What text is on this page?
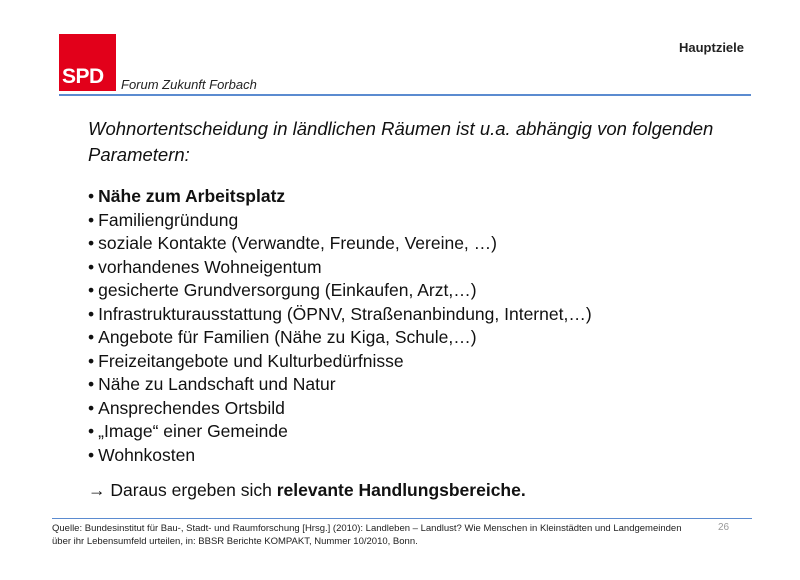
SPD Forum Zukunft Forbach
Hauptziele
Wohnortentscheidung in ländlichen Räumen ist u.a. abhängig von folgenden Parametern:
• Nähe zum Arbeitsplatz
• Familiengründung
• soziale Kontakte (Verwandte, Freunde, Vereine, …)
• vorhandenes Wohneigentum
• gesicherte Grundversorgung (Einkaufen, Arzt,…)
• Infrastrukturausstattung (ÖPNV, Straßenanbindung, Internet,…)
• Angebote für Familien (Nähe zu Kiga, Schule,…)
• Freizeitangebote und Kulturbedürfnisse
• Nähe zu Landschaft und Natur
• Ansprechendes Ortsbild
• „Image“ einer Gemeinde
• Wohnkosten
→ Daraus ergeben sich relevante Handlungsbereiche.
Quelle: Bundesinstitut für Bau-, Stadt- und Raumforschung [Hrsg.] (2010): Landleben – Landlust? Wie Menschen in Kleinstädten und Landgemeinden über ihr Lebensumfeld urteilen, in: BBSR Berichte KOMPAKT, Nummer 10/2010, Bonn.
26
